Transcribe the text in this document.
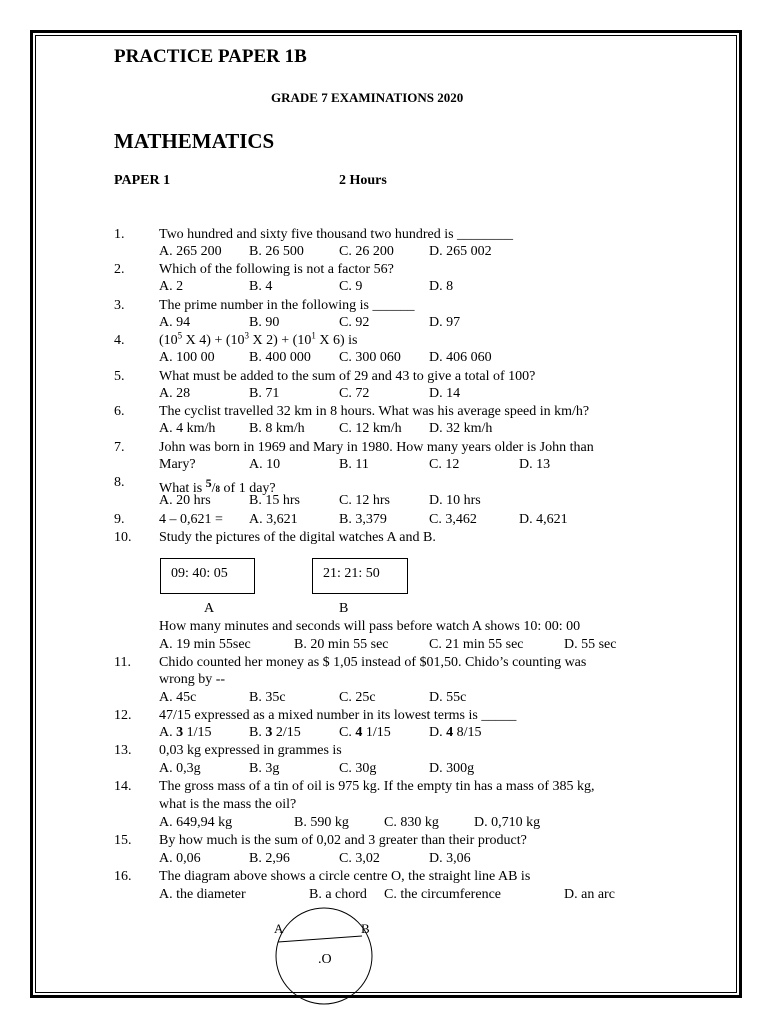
PRACTICE PAPER 1B
GRADE 7 EXAMINATIONS 2020
MATHEMATICS
PAPER 1	2 Hours
1. Two hundred and sixty five thousand two hundred is ________
A. 265 200 B. 26 500	C. 26 200	D. 265 002
2. Which of the following is not a factor 56?
A. 2	B. 4	C. 9	D. 8
3. The prime number in the following is ______
A. 94	B. 90	C. 92	D. 97
4. ($10^5$ X $4) + (10^3$ X $2) + (10^1$ X 6) is
A. 100 00 B. 400 000 C. 300 060 D. 406 060
5. What must be added to the sum of 29 and 43 to give a total of 100?
A. 28	B. 71	C. 72	D. 14
6. The cyclist travelled 32 km in 8 hours. What was his average speed in km/h?
A. 4 km/h B. 8 km/h C. 12 km/h D. 32 km/h
7. John was born in 1969 and Mary in 1980. How many years older is John than
Mary?	A. 10	B. 11	C. 12	D. 13
8. What is 5/8 of 1 day?
A. 20 hrs	B. 15 hrs	C. 12 hrs	D. 10 hrs
9. 4 – 0,621 = A. 3,621	B. 3,379	C. 3,462	D. 4,621
10. Study the pictures of the digital watches A and B.
09: 40: 05	21: 21: 50
A	B
How many minutes and seconds will pass before watch A shows 10: 00: 00
A. 19 min 55sec	B. 20 min 55 sec	C. 21 min 55 sec	D. 55 sec
11. Chido counted her money as $ 1,05 instead of $01,50. Chido’s counting was
wrong by --
A. 45c	B. 35c	C. 25c	D. 55c
12. 47/15 expressed as a mixed number in its lowest terms is _____
A. 3 1/15	B. 3 2/15	C. 4 1/15	D. 4 8/15
13. 0,03 kg expressed in grammes is
A. 0,3g	B. 3g	C. 30g	D. 300g
14. The gross mass of a tin of oil is 975 kg. If the empty tin has a mass of 385 kg,
what is the mass the oil?
A. 649,94 kg	B. 590 kg	C. 830 kg	D. 0,710 kg
15. By how much is the sum of 0,02 and 3 greater than their product?
A. 0,06	B. 2,96	C. 3,02	D. 3,06
16. The diagram above shows a circle centre O, the straight line AB is
A. the diameter	B. a chord C. the circumference	D. an arc
A	B
.O
